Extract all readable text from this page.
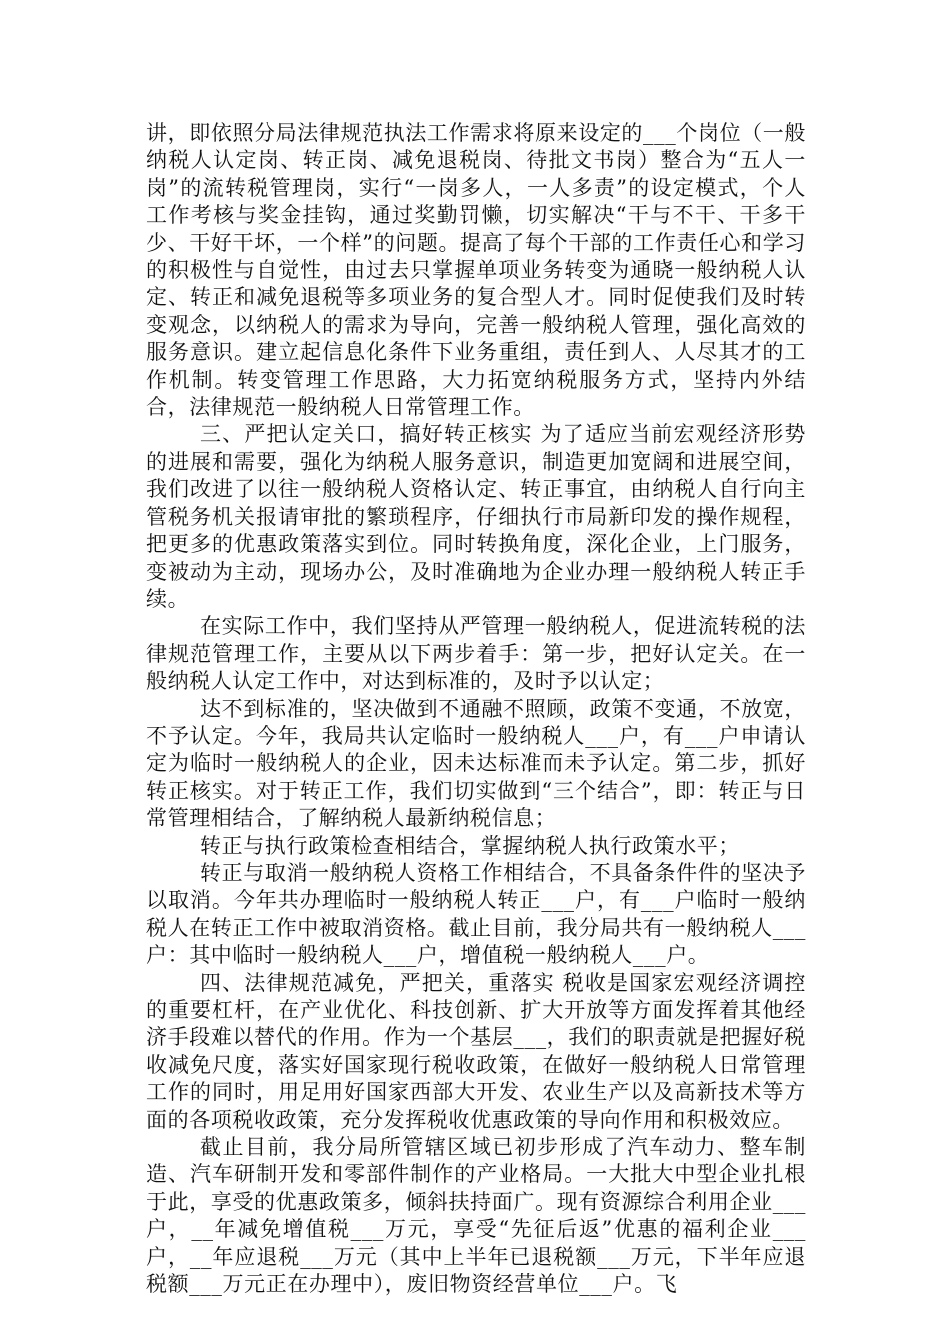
讲，即依照分局法律规范执法工作需求将原来设定的___个岗位（一般纳税人认定岗、转正岗、减免退税岗、待批文书岗）整合为“五人一岗”的流转税管理岗，实行“一岗多人，一人多责”的设定模式，个人工作考核与奖金挂钩，通过奖勤罚懒，切实解决“干与不干、干多干少、干好干坏，一个样”的问题。提高了每个干部的工作责任心和学习的积极性与自觉性，由过去只掌握单项业务转变为通晓一般纳税人认定、转正和减免退税等多项业务的复合型人才。同时促使我们及时转变观念，以纳税人的需求为导向，完善一般纳税人管理，强化高效的服务意识。建立起信息化条件下业务重组，责任到人、人尽其才的工作机制。转变管理工作思路，大力拓宽纳税服务方式，坚持内外结合，法律规范一般纳税人日常管理工作。

三、严把认定关口，搞好转正核实 为了适应当前宏观经济形势的进展和需要，强化为纳税人服务意识，制造更加宽阔和进展空间，我们改进了以往一般纳税人资格认定、转正事宜，由纳税人自行向主管税务机关报请审批的繁琐程序，仔细执行市局新印发的操作规程，把更多的优惠政策落实到位。同时转换角度，深化企业，上门服务，变被动为主动，现场办公，及时准确地为企业办理一般纳税人转正手续。

在实际工作中，我们坚持从严管理一般纳税人，促进流转税的法律规范管理工作，主要从以下两步着手：第一步，把好认定关。在一般纳税人认定工作中，对达到标准的，及时予以认定；

达不到标准的，坚决做到不通融不照顾，政策不变通，不放宽，不予认定。今年，我局共认定临时一般纳税人___户，有___户申请认定为临时一般纳税人的企业，因未达标准而未予认定。第二步，抓好转正核实。对于转正工作，我们切实做到“三个结合”，即：转正与日常管理相结合，了解纳税人最新纳税信息；

转正与执行政策检查相结合，掌握纳税人执行政策水平；

转正与取消一般纳税人资格工作相结合，不具备条件件的坚决予以取消。今年共办理临时一般纳税人转正___户，有___户临时一般纳税人在转正工作中被取消资格。截止目前，我分局共有一般纳税人___户：其中临时一般纳税人___户，增值税一般纳税人___户。

四、法律规范减免，严把关，重落实 税收是国家宏观经济调控的重要杠杆，在产业优化、科技创新、扩大开放等方面发挥着其他经济手段难以替代的作用。作为一个基层___，我们的职责就是把握好税收减免尺度，落实好国家现行税收政策，在做好一般纳税人日常管理工作的同时，用足用好国家西部大开发、农业生产以及高新技术等方面的各项税收政策，充分发挥税收优惠政策的导向作用和积极效应。

截止目前，我分局所管辖区域已初步形成了汽车动力、整车制造、汽车研制开发和零部件制作的产业格局。一大批大中型企业扎根于此，享受的优惠政策多，倾斜扶持面广。现有资源综合利用企业___户，__年减免增值税___万元，享受“先征后返”优惠的福利企业___户，__年应退税___万元（其中上半年已退税额___万元，下半年应退税额___万元正在办理中），废旧物资经营单位___户。飞
